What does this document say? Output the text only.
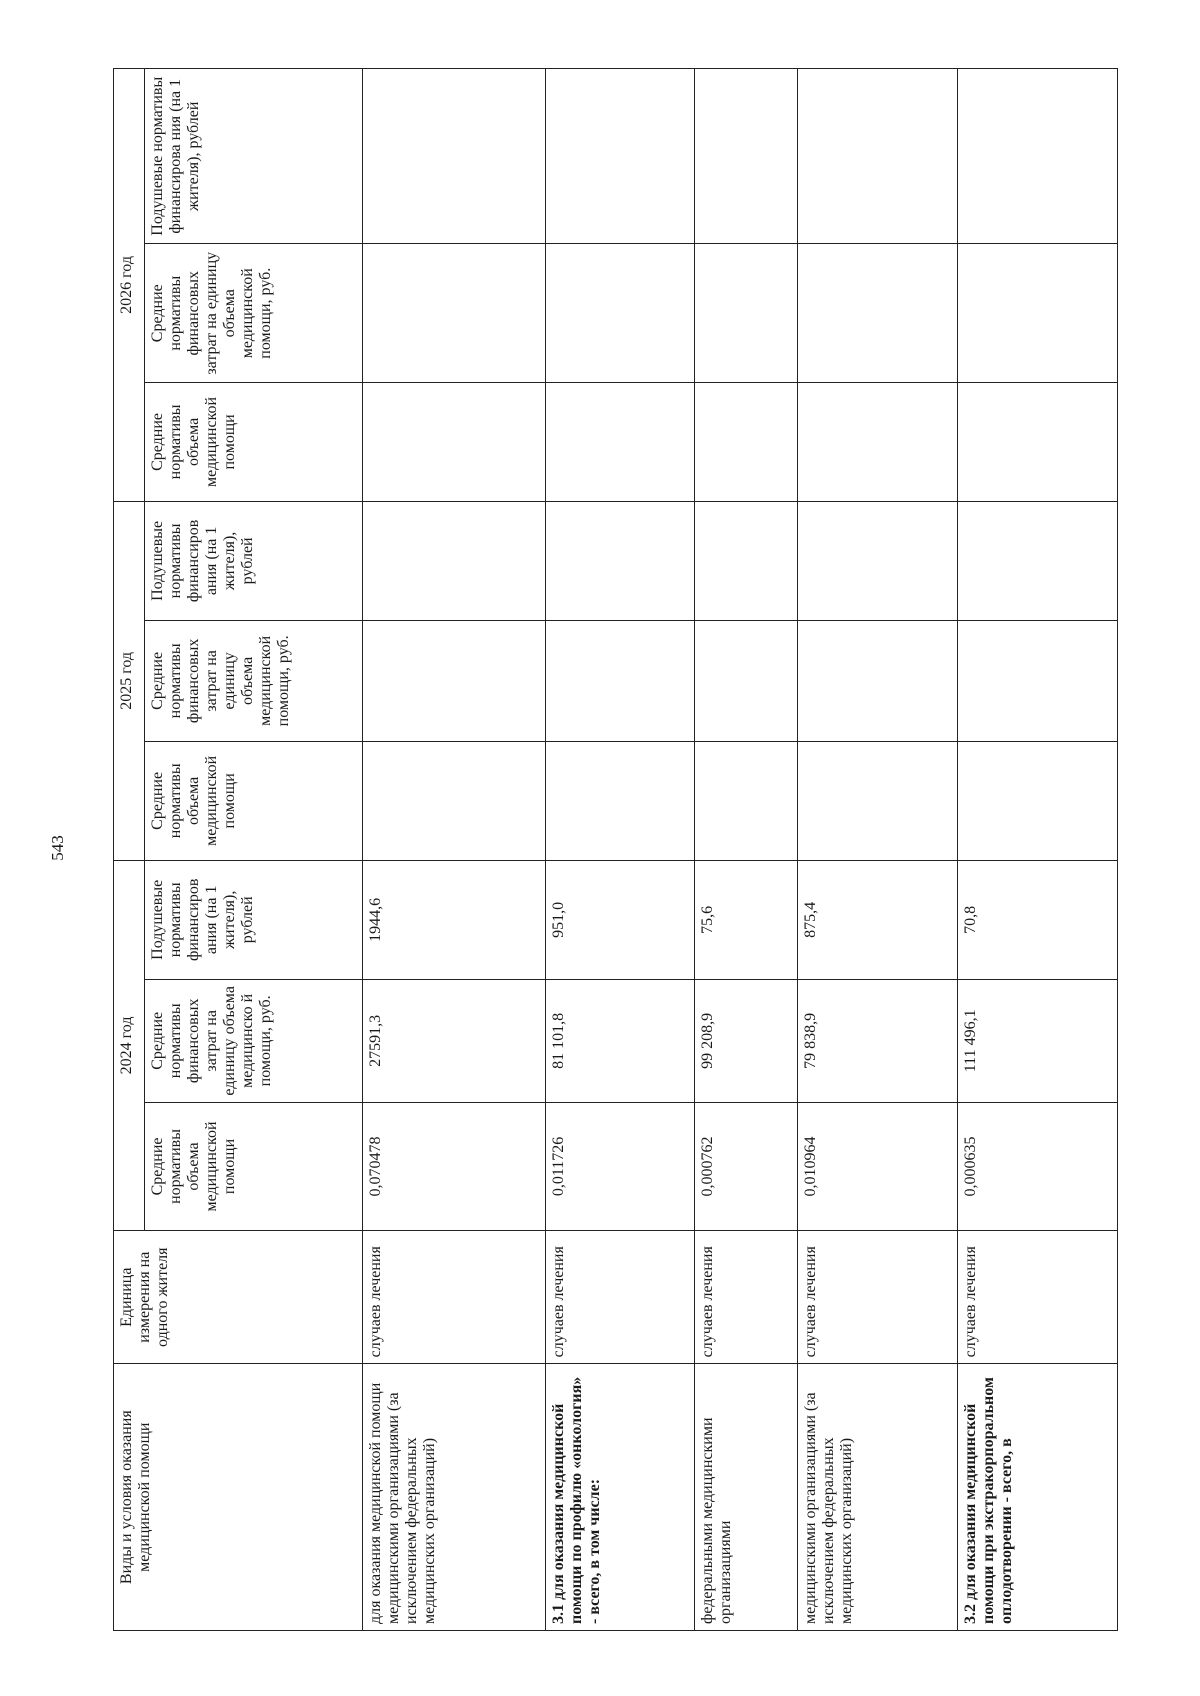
543
Виды и условия оказания медицинской помощи	Единица измерения на одного жителя	2024 год			2025 год			2026 год		
		Средние нормативы объема медицинской помощи	Средние нормативы финансовых затрат на единицу объема медицинско й помощи, руб.	Подушевые нормативы финансиров ания (на 1 жителя), рублей	Средние нормативы объема медицинской помощи	Средние нормативы финансовых затрат на единицу объема медицинской помощи, руб.	Подушевые нормативы финансиров ания (на 1 жителя), рублей	Средние нормативы объема медицинской помощи	Средние нормативы финансовых затрат на единицу объема медицинской помощи, руб.	Подушевые нормативы финансирова ния (на 1 жителя), рублей
для оказания медицинской помощи медицинскими организациями (за исключением федеральных медицинских организаций)	случаев лечения	0,070478	27591,3	1944,6						
3.1 для оказания медицинской помощи по профилю «онкология» - всего, в том числе:	случаев лечения	0,011726	81 101,8	951,0						
федеральными медицинскими организациями	случаев лечения	0,000762	99 208,9	75,6						
медицинскими организациями (за исключением федеральных медицинских организаций)	случаев лечения	0,010964	79 838,9	875,4						
3.2 для оказания медицинской помощи при экстракорпоральном оплодотворении - всего, в	случаев лечения	0,000635	111 496,1	70,8						
